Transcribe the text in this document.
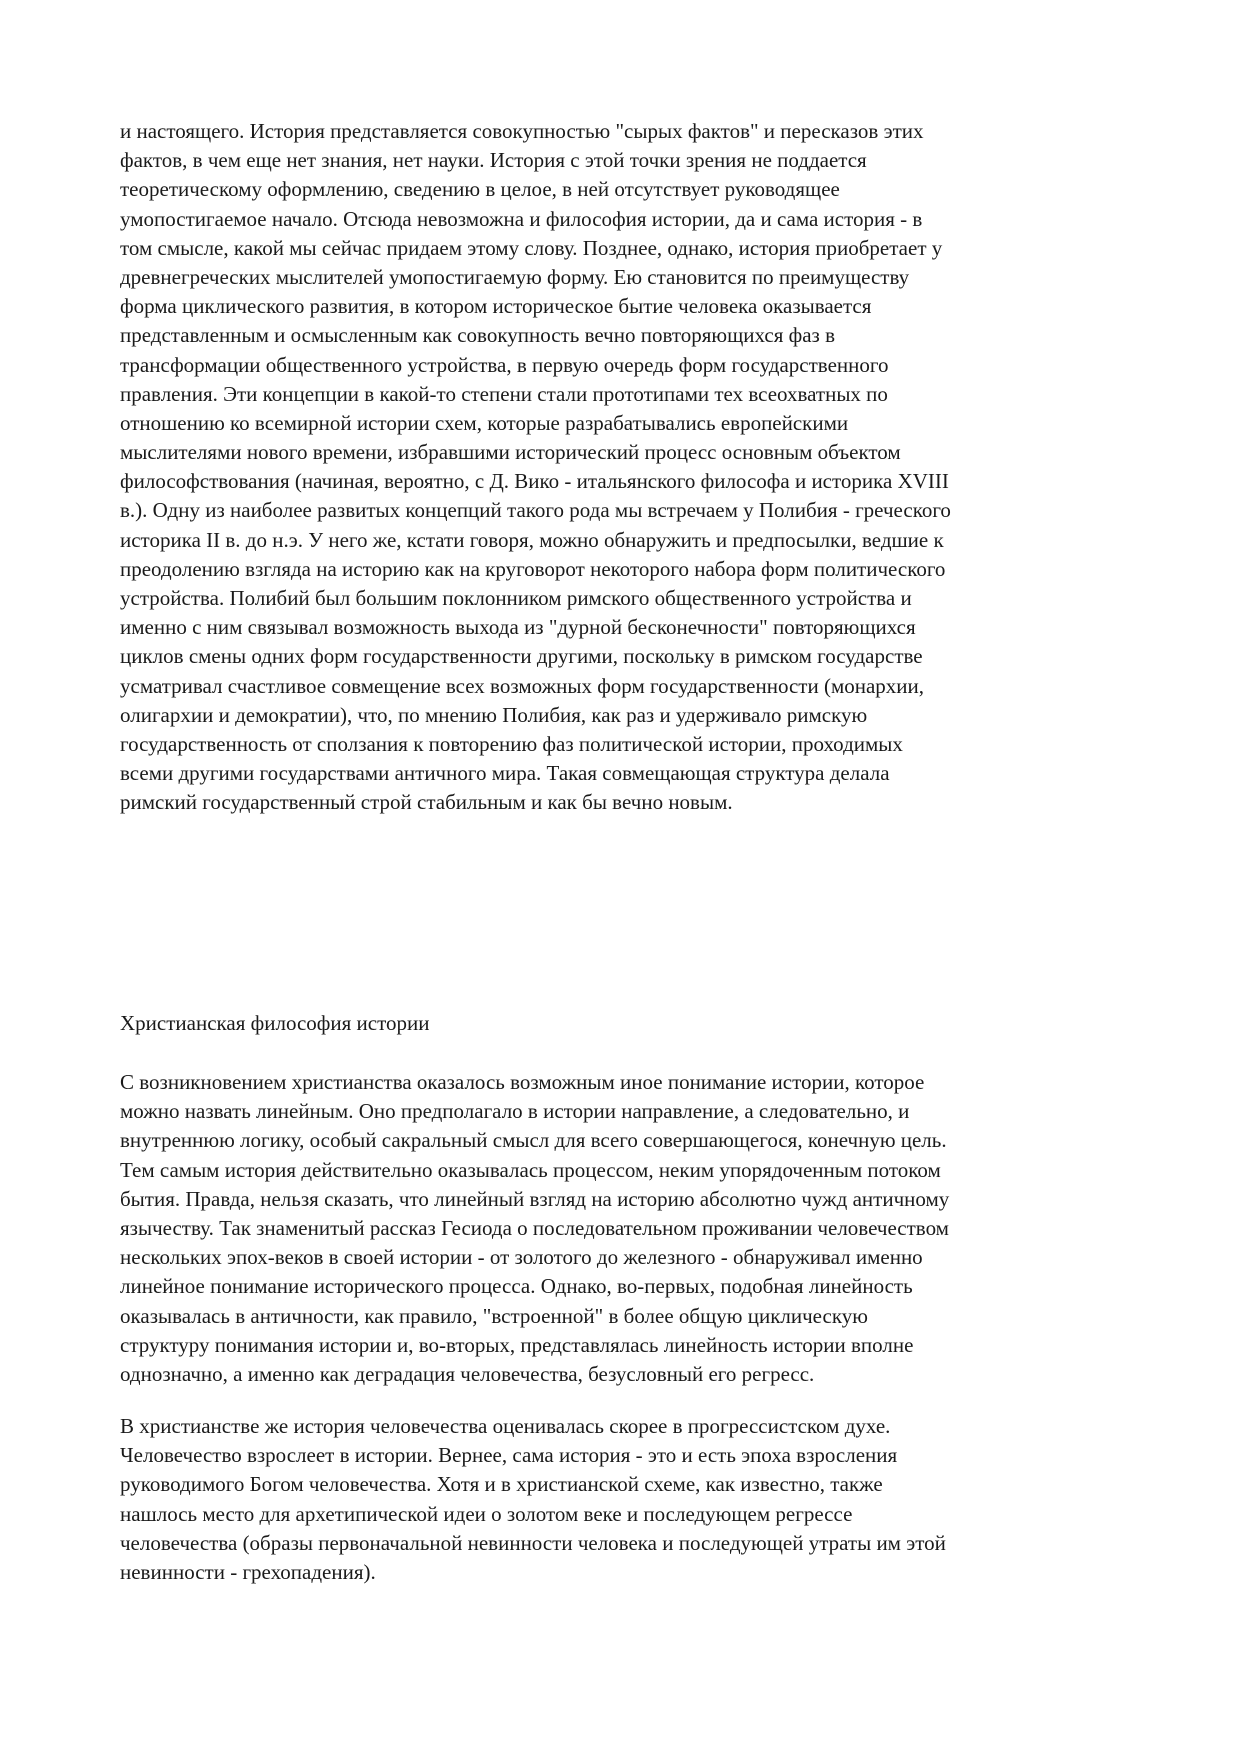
и настоящего. История представляется совокупностью "сырых фактов" и пересказов этих
фактов, в чем еще нет знания, нет науки. История с этой точки зрения не поддается
теоретическому оформлению, сведению в целое, в ней отсутствует руководящее
умопостигаемое начало. Отсюда невозможна и философия истории, да и сама история - в
том смысле, какой мы сейчас придаем этому слову. Позднее, однако, история приобретает у
древнегреческих мыслителей умопостигаемую форму. Ею становится по преимуществу
форма циклического развития, в котором историческое бытие человека оказывается
представленным и осмысленным как совокупность вечно повторяющихся фаз в
трансформации общественного устройства, в первую очередь форм государственного
правления. Эти концепции в какой-то степени стали прототипами тех всеохватных по
отношению ко всемирной истории схем, которые разрабатывались европейскими
мыслителями нового времени, избравшими исторический процесс основным объектом
философствования (начиная, вероятно, с Д. Вико - итальянского философа и историка XVIII
в.). Одну из наиболее развитых концепций такого рода мы встречаем у Полибия - греческого
историка II в. до н.э. У него же, кстати говоря, можно обнаружить и предпосылки, ведшие к
преодолению взгляда на историю как на круговорот некоторого набора форм политического
устройства. Полибий был большим поклонником римского общественного устройства и
именно с ним связывал возможность выхода из "дурной бесконечности" повторяющихся
циклов смены одних форм государственности другими, поскольку в римском государстве
усматривал счастливое совмещение всех возможных форм государственности (монархии,
олигархии и демократии), что, по мнению Полибия, как раз и удерживало римскую
государственность от сползания к повторению фаз политической истории, проходимых
всеми другими государствами античного мира. Такая совмещающая структура делала
римский государственный строй стабильным и как бы вечно новым.
Христианская философия истории
С возникновением христианства оказалось возможным иное понимание истории, которое
можно назвать линейным. Оно предполагало в истории направление, а следовательно, и
внутреннюю логику, особый сакральный смысл для всего совершающегося, конечную цель.
Тем самым история действительно оказывалась процессом, неким упорядоченным потоком
бытия. Правда, нельзя сказать, что линейный взгляд на историю абсолютно чужд античному
язычеству. Так знаменитый рассказ Гесиода о последовательном проживании человечеством
нескольких эпох-веков в своей истории - от золотого до железного - обнаруживал именно
линейное понимание исторического процесса. Однако, во-первых, подобная линейность
оказывалась в античности, как правило, "встроенной" в более общую циклическую
структуру понимания истории и, во-вторых, представлялась линейность истории вполне
однозначно, а именно как деградация человечества, безусловный его регресс.
В христианстве же история человечества оценивалась скорее в прогрессистском духе.
Человечество взрослеет в истории. Вернее, сама история - это и есть эпоха взросления
руководимого Богом человечества. Хотя и в христианской схеме, как известно, также
нашлось место для архетипической идеи о золотом веке и последующем регрессе
человечества (образы первоначальной невинности человека и последующей утраты им этой
невинности - грехопадения).
